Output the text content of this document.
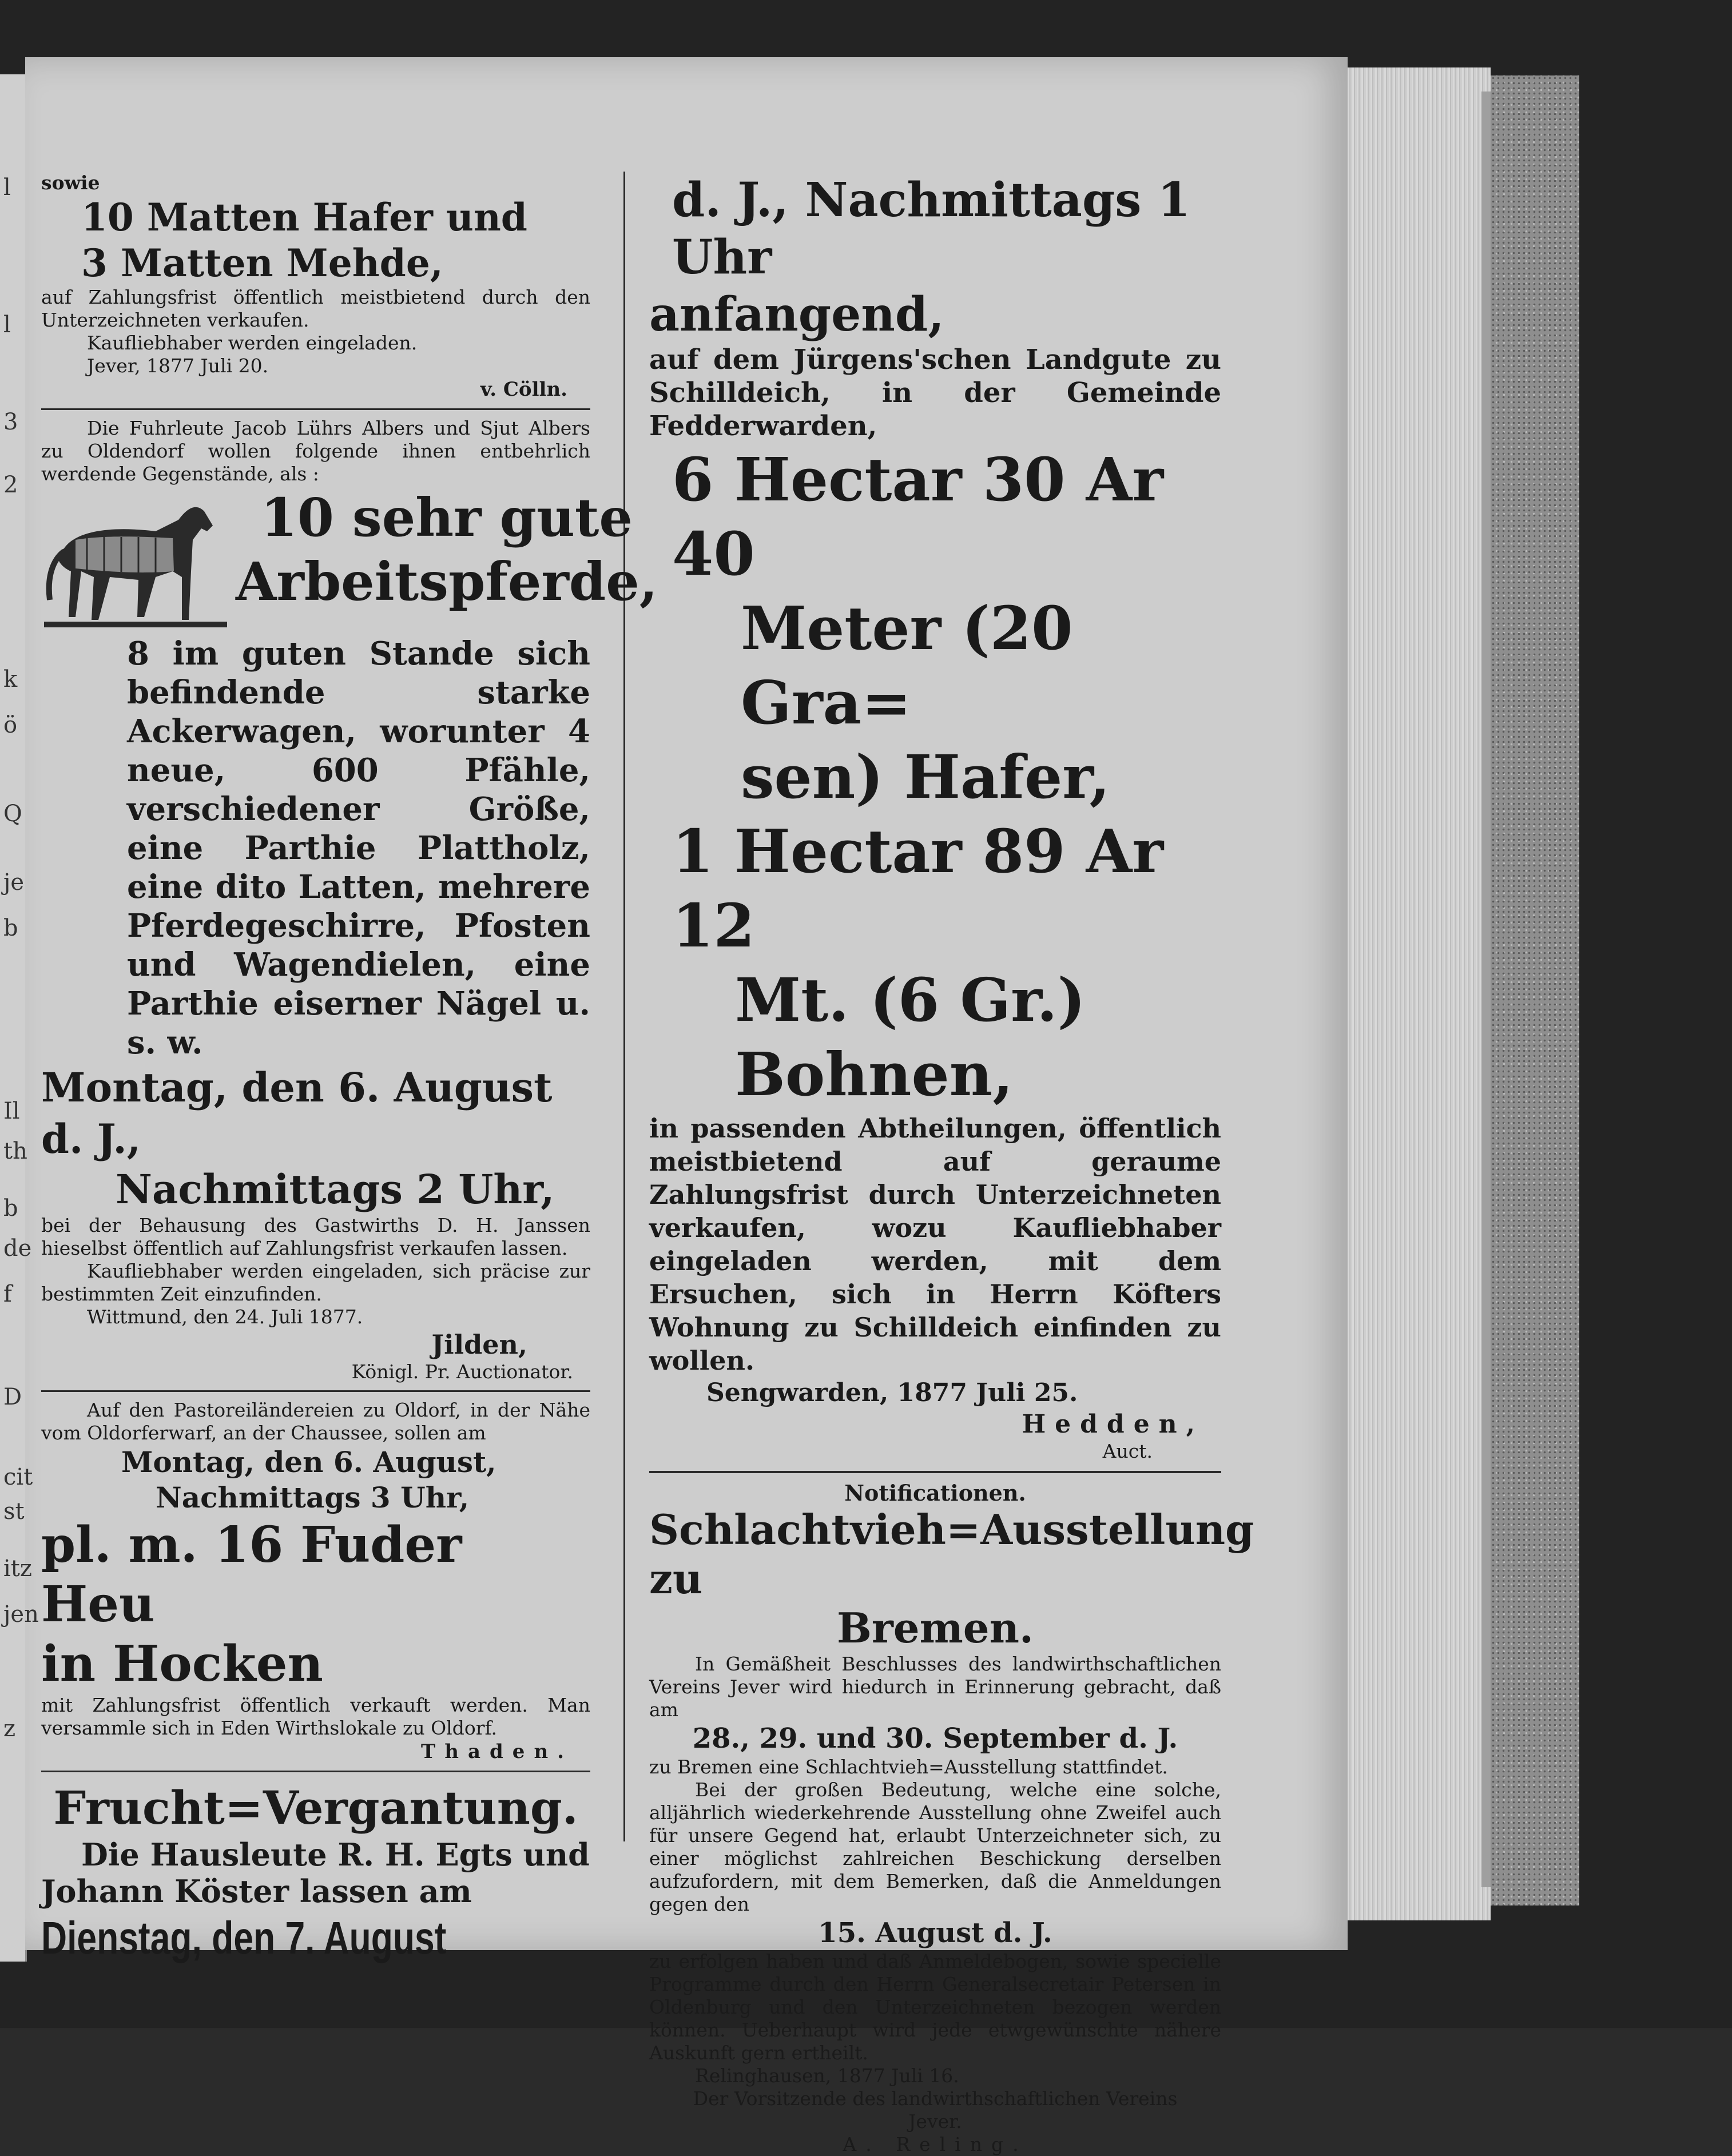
l
l
3
2
k
ö
Q
je
b
Il
th
b
de
f
D
cit
st
itz
jen
z
sowie
10 Matten Hafer und
3 Matten Mehde,
auf Zahlungsfrist öffentlich meistbietend durch den Unterzeichneten verkaufen.
Kaufliebhaber werden eingeladen.
Jever, 1877 Juli 20.
v. Cölln.
Die Fuhrleute Jacob Lührs Albers und Sjut Albers zu Oldendorf wollen folgende ihnen entbehrlich werdende Gegenstände, als :
10 sehr gute
Arbeitspferde,
8 im guten Stande sich befindende starke Ackerwagen, worunter 4 neue, 600 Pfähle, verschiedener Größe, eine Parthie Plattholz, eine dito Latten, mehrere Pferdegeschirre, Pfosten und Wagendielen, eine Parthie eiserner Nägel u. s. w.
Montag, den 6. August d. J.,
Nachmittags 2 Uhr,
bei der Behausung des Gastwirths D. H. Janssen hieselbst öffentlich auf Zahlungsfrist verkaufen lassen.
Kaufliebhaber werden eingeladen, sich präcise zur bestimmten Zeit einzufinden.
Wittmund, den 24. Juli 1877.
Jilden,
Königl. Pr. Auctionator.
Auf den Pastoreiländereien zu Oldorf, in der Nähe vom Oldorferwarf, an der Chaussee, sollen am
Montag, den 6. August,
Nachmittags 3 Uhr,
pl. m. 16 Fuder Heu
in Hocken
mit Zahlungsfrist öffentlich verkauft werden. Man versammle sich in Eden Wirthslokale zu Oldorf.
Thaden.
Frucht=Vergantung.
Die Hausleute R. H. Egts und
Johann Köster lassen am
Dienstag, den 7. August
d. J., Nachmittags 1 Uhr
anfangend,
auf dem Jürgens'schen Landgute zu Schilldeich, in der Gemeinde Fedderwarden,
6 Hectar 30 Ar 40
Meter (20 Gra=
sen) Hafer,
1 Hectar 89 Ar 12
Mt. (6 Gr.) Bohnen,
in passenden Abtheilungen, öffentlich meistbietend auf geraume Zahlungsfrist durch Unterzeichneten verkaufen, wozu Kaufliebhaber eingeladen werden, mit dem Ersuchen, sich in Herrn Köfters Wohnung zu Schilldeich einfinden zu wollen.
Sengwarden, 1877 Juli 25.
Hedden,
Auct.
Notificationen.
Schlachtvieh=Ausstellung zu
Bremen.
In Gemäßheit Beschlusses des landwirthschaftlichen Vereins Jever wird hiedurch in Erinnerung gebracht, daß am
28., 29. und 30. September d. J.
zu Bremen eine Schlachtvieh=Ausstellung stattfindet.
Bei der großen Bedeutung, welche eine solche, alljährlich wiederkehrende Ausstellung ohne Zweifel auch für unsere Gegend hat, erlaubt Unterzeichneter sich, zu einer möglichst zahlreichen Beschickung derselben aufzufordern, mit dem Bemerken, daß die Anmeldungen gegen den
15. August d. J.
zu erfolgen haben und daß Anmeldebogen, sowie specielle Programme durch den Herrn Generalsecretair Petersen in Oldenburg und den Unterzeichneten bezogen werden können. Ueberhaupt wird jede etwgewünschte nähere Auskunft gern ertheilt.
Relinghausen, 1877 Juli 16.
Der Vorsitzende des landwirthschaftlichen Vereins
Jever.
A. Reling.
